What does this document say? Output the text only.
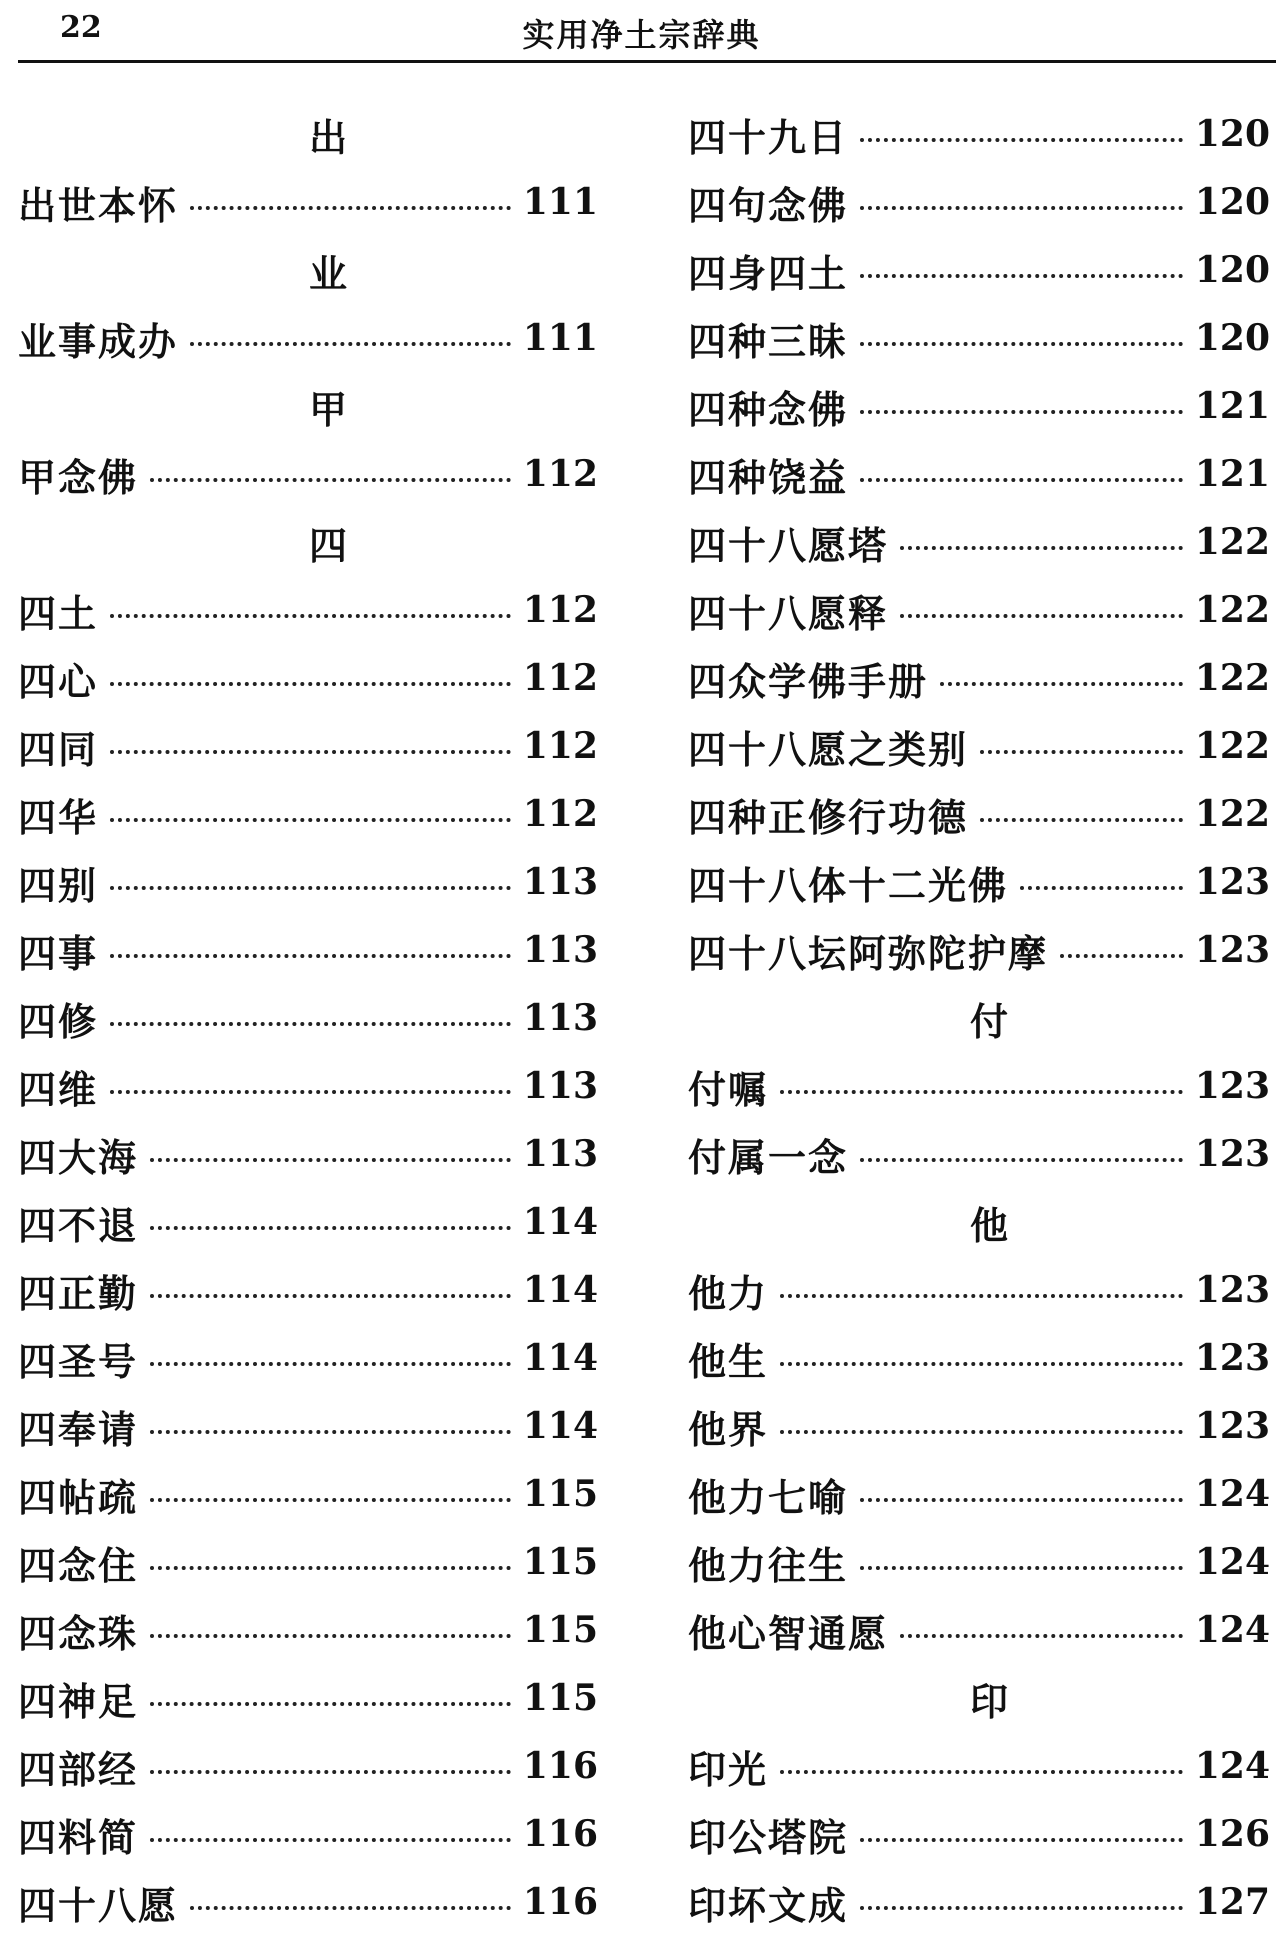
22	实用净土宗辞典
出
出世本怀	111
业
业事成办	111
甲
甲念佛	112
四
四土	112
四心	112
四同	112
四华	112
四别	113
四事	113
四修	113
四维	113
四大海	113
四不退	114
四正勤	114
四圣号	114
四奉请	114
四帖疏	115
四念住	115
四念珠	115
四神足	115
四部经	116
四料简	116
四十八愿	116
四十九日	120
四句念佛	120
四身四土	120
四种三昧	120
四种念佛	121
四种饶益	121
四十八愿塔	122
四十八愿释	122
四众学佛手册	122
四十八愿之类别	122
四种正修行功德	122
四十八体十二光佛	123
四十八坛阿弥陀护摩	123
付
付嘱	123
付属一念	123
他
他力	123
他生	123
他界	123
他力七喻	124
他力往生	124
他心智通愿	124
印
印光	124
印公塔院	126
印坏文成	127
